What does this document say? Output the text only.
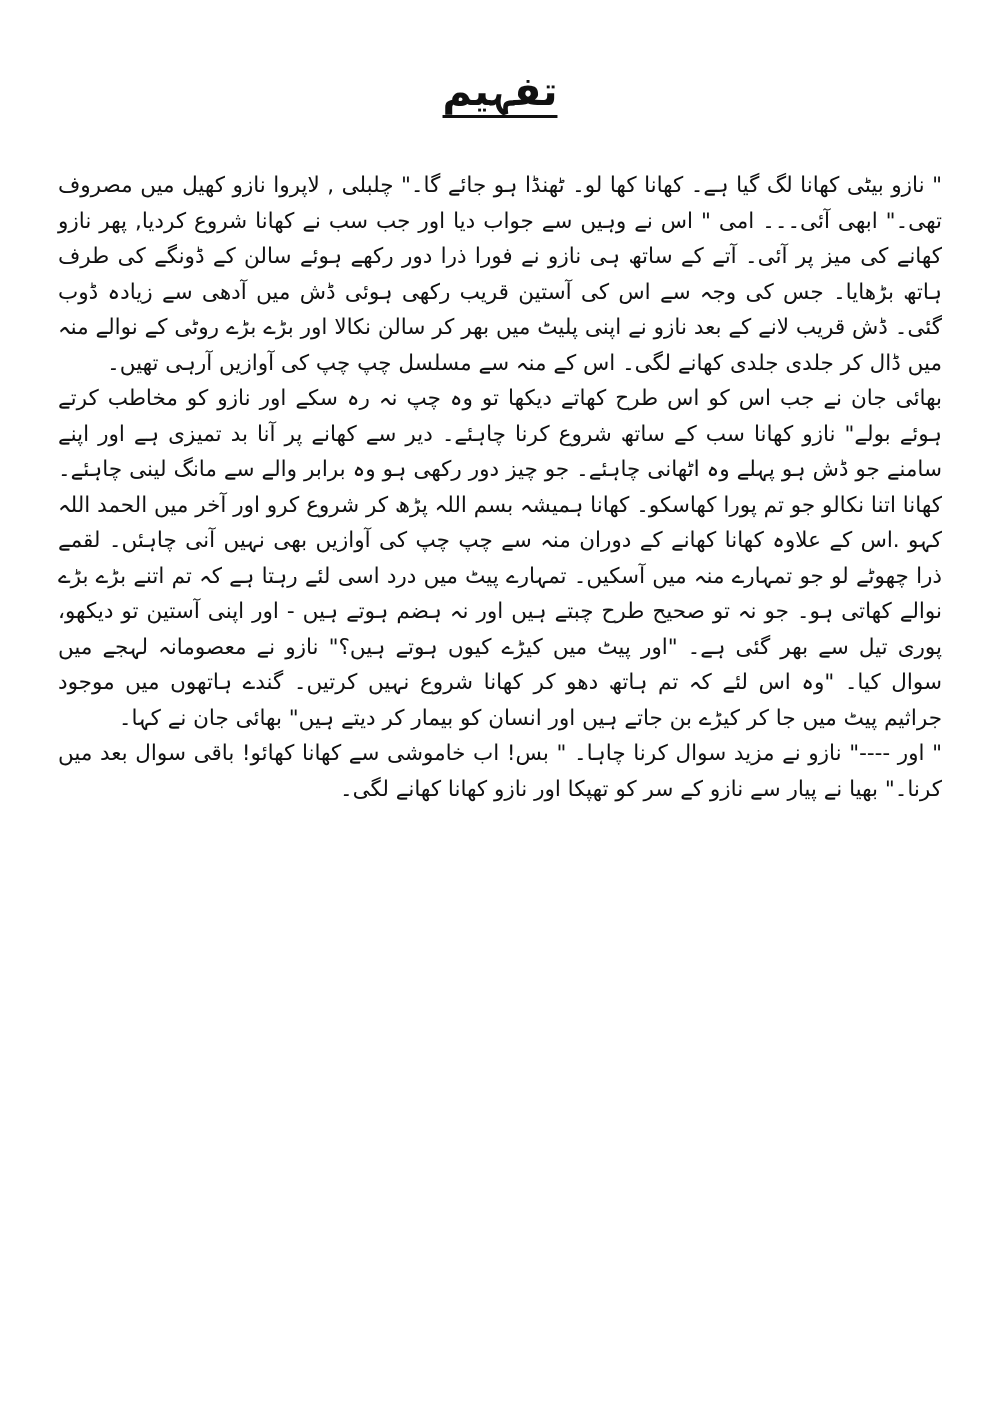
تفہیم

" نازو بیٹی کھانا لگ گیا ہے۔ کھانا کھا لو۔ ٹھنڈا ہو جائے گا۔" چلبلی , لاپروا نازو کھیل میں مصروف تھی۔" ابھی آئی۔۔۔ امی " اس نے وہیں سے جواب دیا اور جب سب نے کھانا شروع کردیا, پھر نازو کھانے کی میز پر آئی۔ آتے کے ساتھ ہی نازو نے فورا ذرا دور رکھے ہوئے سالن کے ڈونگے کی طرف ہاتھ بڑھایا۔ جس کی وجہ سے اس کی آستین قریب رکھی ہوئی ڈش میں آدھی سے زیادہ ڈوب گئی۔ ڈش قریب لانے کے بعد نازو نے اپنی پلیٹ میں بھر کر سالن نکالا اور بڑے بڑے روٹی کے نوالے منہ میں ڈال کر جلدی جلدی کھانے لگی۔ اس کے منہ سے مسلسل چپ چپ کی آوازیں آرہی تھیں۔

بھائی جان نے جب اس کو اس طرح کھاتے دیکھا تو وہ چپ نہ رہ سکے اور نازو کو مخاطب کرتے ہوئے بولے" نازو کھانا سب کے ساتھ شروع کرنا چاہئے۔ دیر سے کھانے پر آنا بد تمیزی ہے اور اپنے سامنے جو ڈش ہو پہلے وہ اٹھانی چاہئے۔ جو چیز دور رکھی ہو وہ برابر والے سے مانگ لینی چاہئے۔ کھانا اتنا نکالو جو تم پورا کھاسکو۔ کھانا ہمیشہ بسم اللہ پڑھ کر شروع کرو اور آخر میں الحمد اللہ کہو .اس کے علاوہ کھانا کھانے کے دوران منہ سے چپ چپ کی آوازیں بھی نہیں آنی چاہئں۔ لقمے ذرا چھوٹے لو جو تمہارے منہ میں آسکیں۔ تمہارے پیٹ میں درد اسی لئے رہتا ہے کہ تم اتنے بڑے بڑے نوالے کھاتی ہو۔ جو نہ تو صحیح طرح چبتے ہیں اور نہ ہضم ہوتے ہیں - اور اپنی آستین تو دیکھو، پوری تیل سے بھر گئی ہے۔ "اور پیٹ میں کیڑے کیوں ہوتے ہیں؟" نازو نے معصومانہ لہجے میں سوال کیا۔ "وہ اس لئے کہ تم ہاتھ دھو کر کھانا شروع نہیں کرتیں۔ گندے ہاتھوں میں موجود جراثیم پیٹ میں جا کر کیڑے بن جاتے ہیں اور انسان کو بیمار کر دیتے ہیں" بھائی جان نے کہا۔

" اور ----" نازو نے مزید سوال کرنا چاہا۔ " بس! اب خاموشی سے کھانا کھائو! باقی سوال بعد میں کرنا۔" بھیا نے پیار سے نازو کے سر کو تھپکا اور نازو کھانا کھانے لگی۔
